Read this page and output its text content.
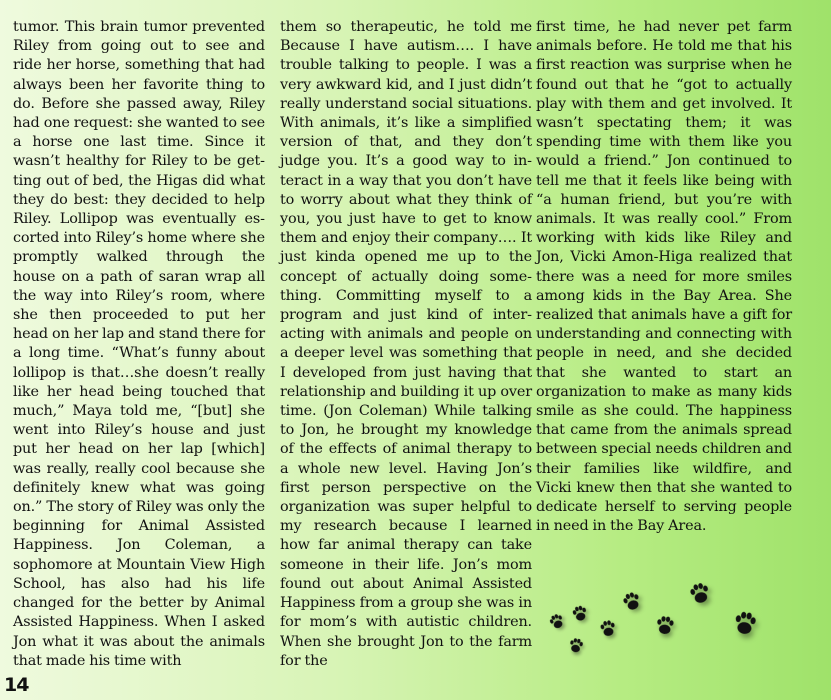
tumor. This brain tumor prevented Riley from going out to see and ride her horse, something that had always been her favorite thing to do. Before she passed away, Riley had one request: she wanted to see a horse one last time. Since it wasn’t healthy for Riley to be getting out of bed, the Higas did what they do best: they decided to help Riley. Lollipop was eventually escorted into Riley’s home where she promptly walked through the house on a path of saran wrap all the way into Riley’s room, where she then proceeded to put her head on her lap and stand there for a long time. “What’s funny about lollipop is that…she doesn’t really like her head being touched that much,” Maya told me, “[but] she went into Riley’s house and just put her head on her lap [which] was really, really cool because she definitely knew what was going on.” The story of Riley was only the beginning for Animal Assisted Happiness. Jon Coleman, a sophomore at Mountain View High School, has also had his life changed for the better by Animal Assisted Happiness. When I asked Jon what it was about the animals that made his time with
them so therapeutic, he told me Because I have autism…. I have trouble talking to people. I was a very awkward kid, and I just didn’t really understand social situations. With animals, it’s like a simplified version of that, and they don’t judge you. It’s a good way to interact in a way that you don’t have to worry about what they think of you, you just have to get to know them and enjoy their company…. It just kinda opened me up to the concept of actually doing something. Committing myself to a program and just kind of interacting with animals and people on a deeper level was something that I developed from just having that relationship and building it up over time. (Jon Coleman) While talking to Jon, he brought my knowledge of the effects of animal therapy to a whole new level. Having Jon’s first person perspective on the organization was super helpful to my research because I learned how far animal therapy can take someone in their life. Jon’s mom found out about Animal Assisted Happiness from a group she was in for mom’s with autistic children. When she brought Jon to the farm for the
first time, he had never pet farm animals before. He told me that his first reaction was surprise when he found out that he “got to actually play with them and get involved. It wasn’t spectating them; it was spending time with them like you would a friend.” Jon continued to tell me that it feels like being with “a human friend, but you’re with animals. It was really cool.” From working with kids like Riley and Jon, Vicki Amon-Higa realized that there was a need for more smiles among kids in the Bay Area. She realized that animals have a gift for understanding and connecting with people in need, and she decided that she wanted to start an organization to make as many kids smile as she could. The happiness that came from the animals spread between special needs children and their families like wildfire, and Vicki knew then that she wanted to dedicate herself to serving people in need in the Bay Area.
14
